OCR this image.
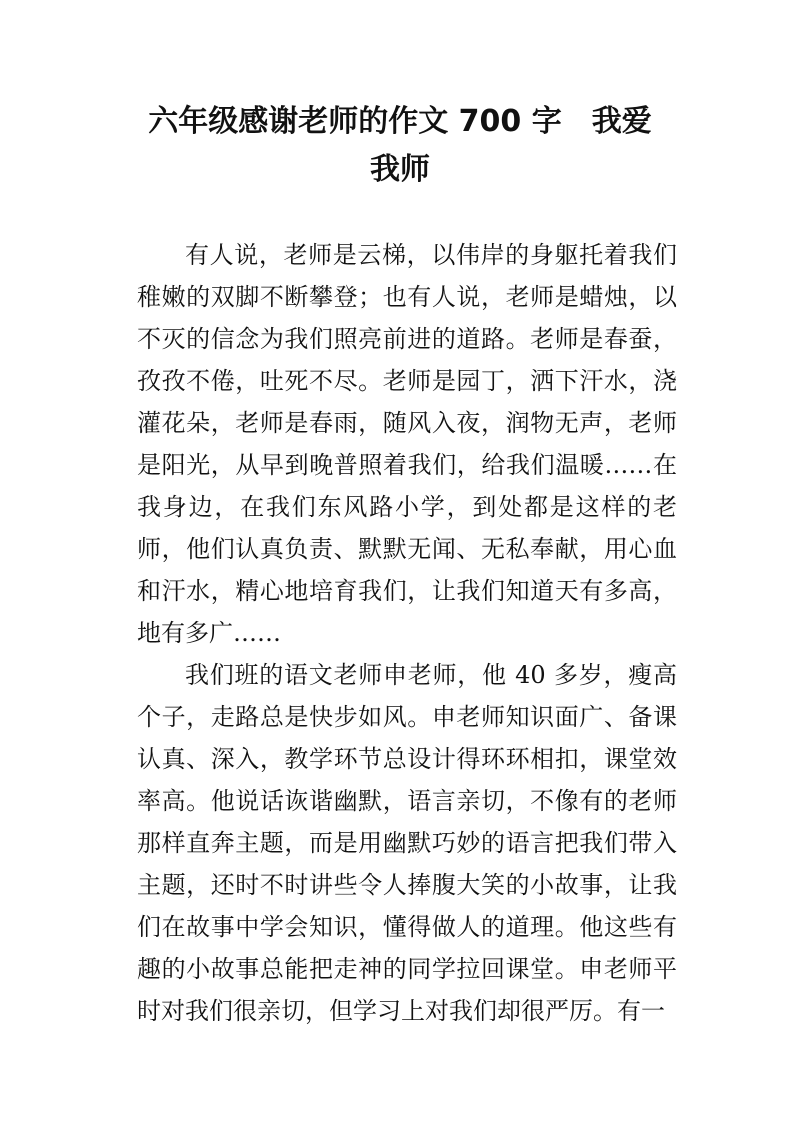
六年级感谢老师的作文 700 字 我爱
我师

有人说，老师是云梯，以伟岸的身躯托着我们稚嫩的双脚不断攀登；也有人说，老师是蜡烛，以不灭的信念为我们照亮前进的道路。老师是春蚕，孜孜不倦，吐死不尽。老师是园丁，洒下汗水，浇灌花朵，老师是春雨，随风入夜，润物无声，老师是阳光，从早到晚普照着我们，给我们温暖……在我身边，在我们东风路小学，到处都是这样的老师，他们认真负责、默默无闻、无私奉献，用心血和汗水，精心地培育我们，让我们知道天有多高，地有多广……

我们班的语文老师申老师，他 40 多岁，瘦高个子，走路总是快步如风。申老师知识面广、备课认真、深入，教学环节总设计得环环相扣，课堂效率高。他说话诙谐幽默，语言亲切，不像有的老师那样直奔主题，而是用幽默巧妙的语言把我们带入主题，还时不时讲些令人捧腹大笑的小故事，让我们在故事中学会知识，懂得做人的道理。他这些有趣的小故事总能把走神的同学拉回课堂。申老师平时对我们很亲切，但学习上对我们却很严厉。有一
